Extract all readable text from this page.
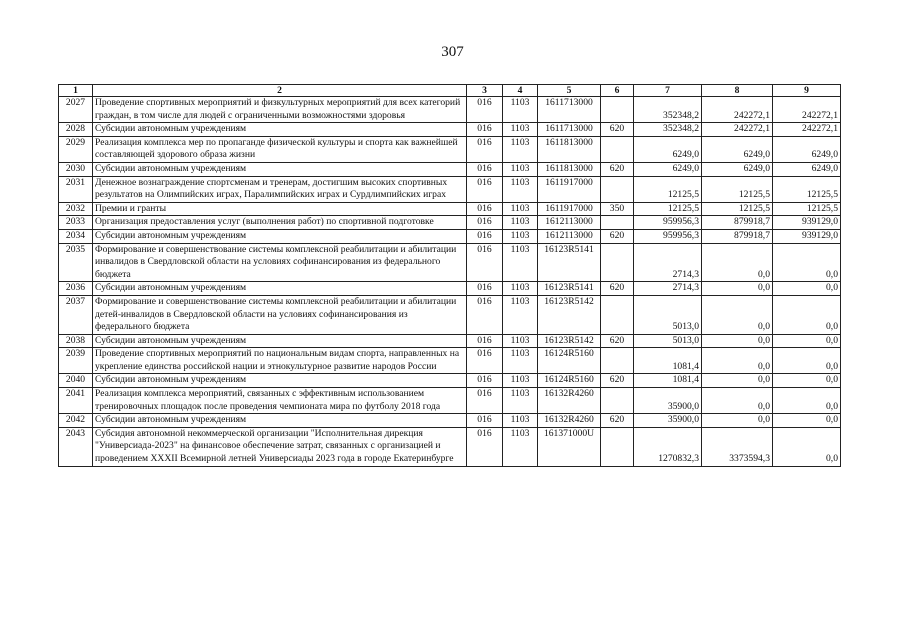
307
1	2	3	4	5	6	7	8	9
2027	Проведение спортивных мероприятий и физкультурных мероприятий для всех категорий граждан, в том числе для людей с ограниченными возможностями здоровья	016	1103	1611713000		352348,2	242272,1	242272,1
2028	Субсидии автономным учреждениям	016	1103	1611713000	620	352348,2	242272,1	242272,1
2029	Реализация комплекса мер по пропаганде физической культуры и спорта как важнейшей составляющей здорового образа жизни	016	1103	1611813000		6249,0	6249,0	6249,0
2030	Субсидии автономным учреждениям	016	1103	1611813000	620	6249,0	6249,0	6249,0
2031	Денежное вознаграждение спортсменам и тренерам, достигшим высоких спортивных результатов на Олимпийских играх, Паралимпийских играх и Сурдлимпийских играх	016	1103	1611917000		12125,5	12125,5	12125,5
2032	Премии и гранты	016	1103	1611917000	350	12125,5	12125,5	12125,5
2033	Организация предоставления услуг (выполнения работ) по спортивной подготовке	016	1103	1612113000		959956,3	879918,7	939129,0
2034	Субсидии автономным учреждениям	016	1103	1612113000	620	959956,3	879918,7	939129,0
2035	Формирование и совершенствование системы комплексной реабилитации и абилитации инвалидов в Свердловской области на условиях софинансирования из федерального бюджета	016	1103	16123R5141		2714,3	0,0	0,0
2036	Субсидии автономным учреждениям	016	1103	16123R5141	620	2714,3	0,0	0,0
2037	Формирование и совершенствование системы комплексной реабилитации и абилитации детей-инвалидов в Свердловской области на условиях софинансирования из федерального бюджета	016	1103	16123R5142		5013,0	0,0	0,0
2038	Субсидии автономным учреждениям	016	1103	16123R5142	620	5013,0	0,0	0,0
2039	Проведение спортивных мероприятий по национальным видам спорта, направленных на укрепление единства российской нации и этнокультурное развитие народов России	016	1103	16124R5160		1081,4	0,0	0,0
2040	Субсидии автономным учреждениям	016	1103	16124R5160	620	1081,4	0,0	0,0
2041	Реализация комплекса мероприятий, связанных с эффективным использованием тренировочных площадок после проведения чемпионата мира по футболу 2018 года	016	1103	16132R4260		35900,0	0,0	0,0
2042	Субсидии автономным учреждениям	016	1103	16132R4260	620	35900,0	0,0	0,0
2043	Субсидия автономной некоммерческой организации "Исполнительная дирекция "Универсиада-2023" на финансовое обеспечение затрат, связанных с организацией и проведением XXXII Всемирной летней Универсиады 2023 года в городе Екатеринбурге	016	1103	161371000U		1270832,3	3373594,3	0,0
